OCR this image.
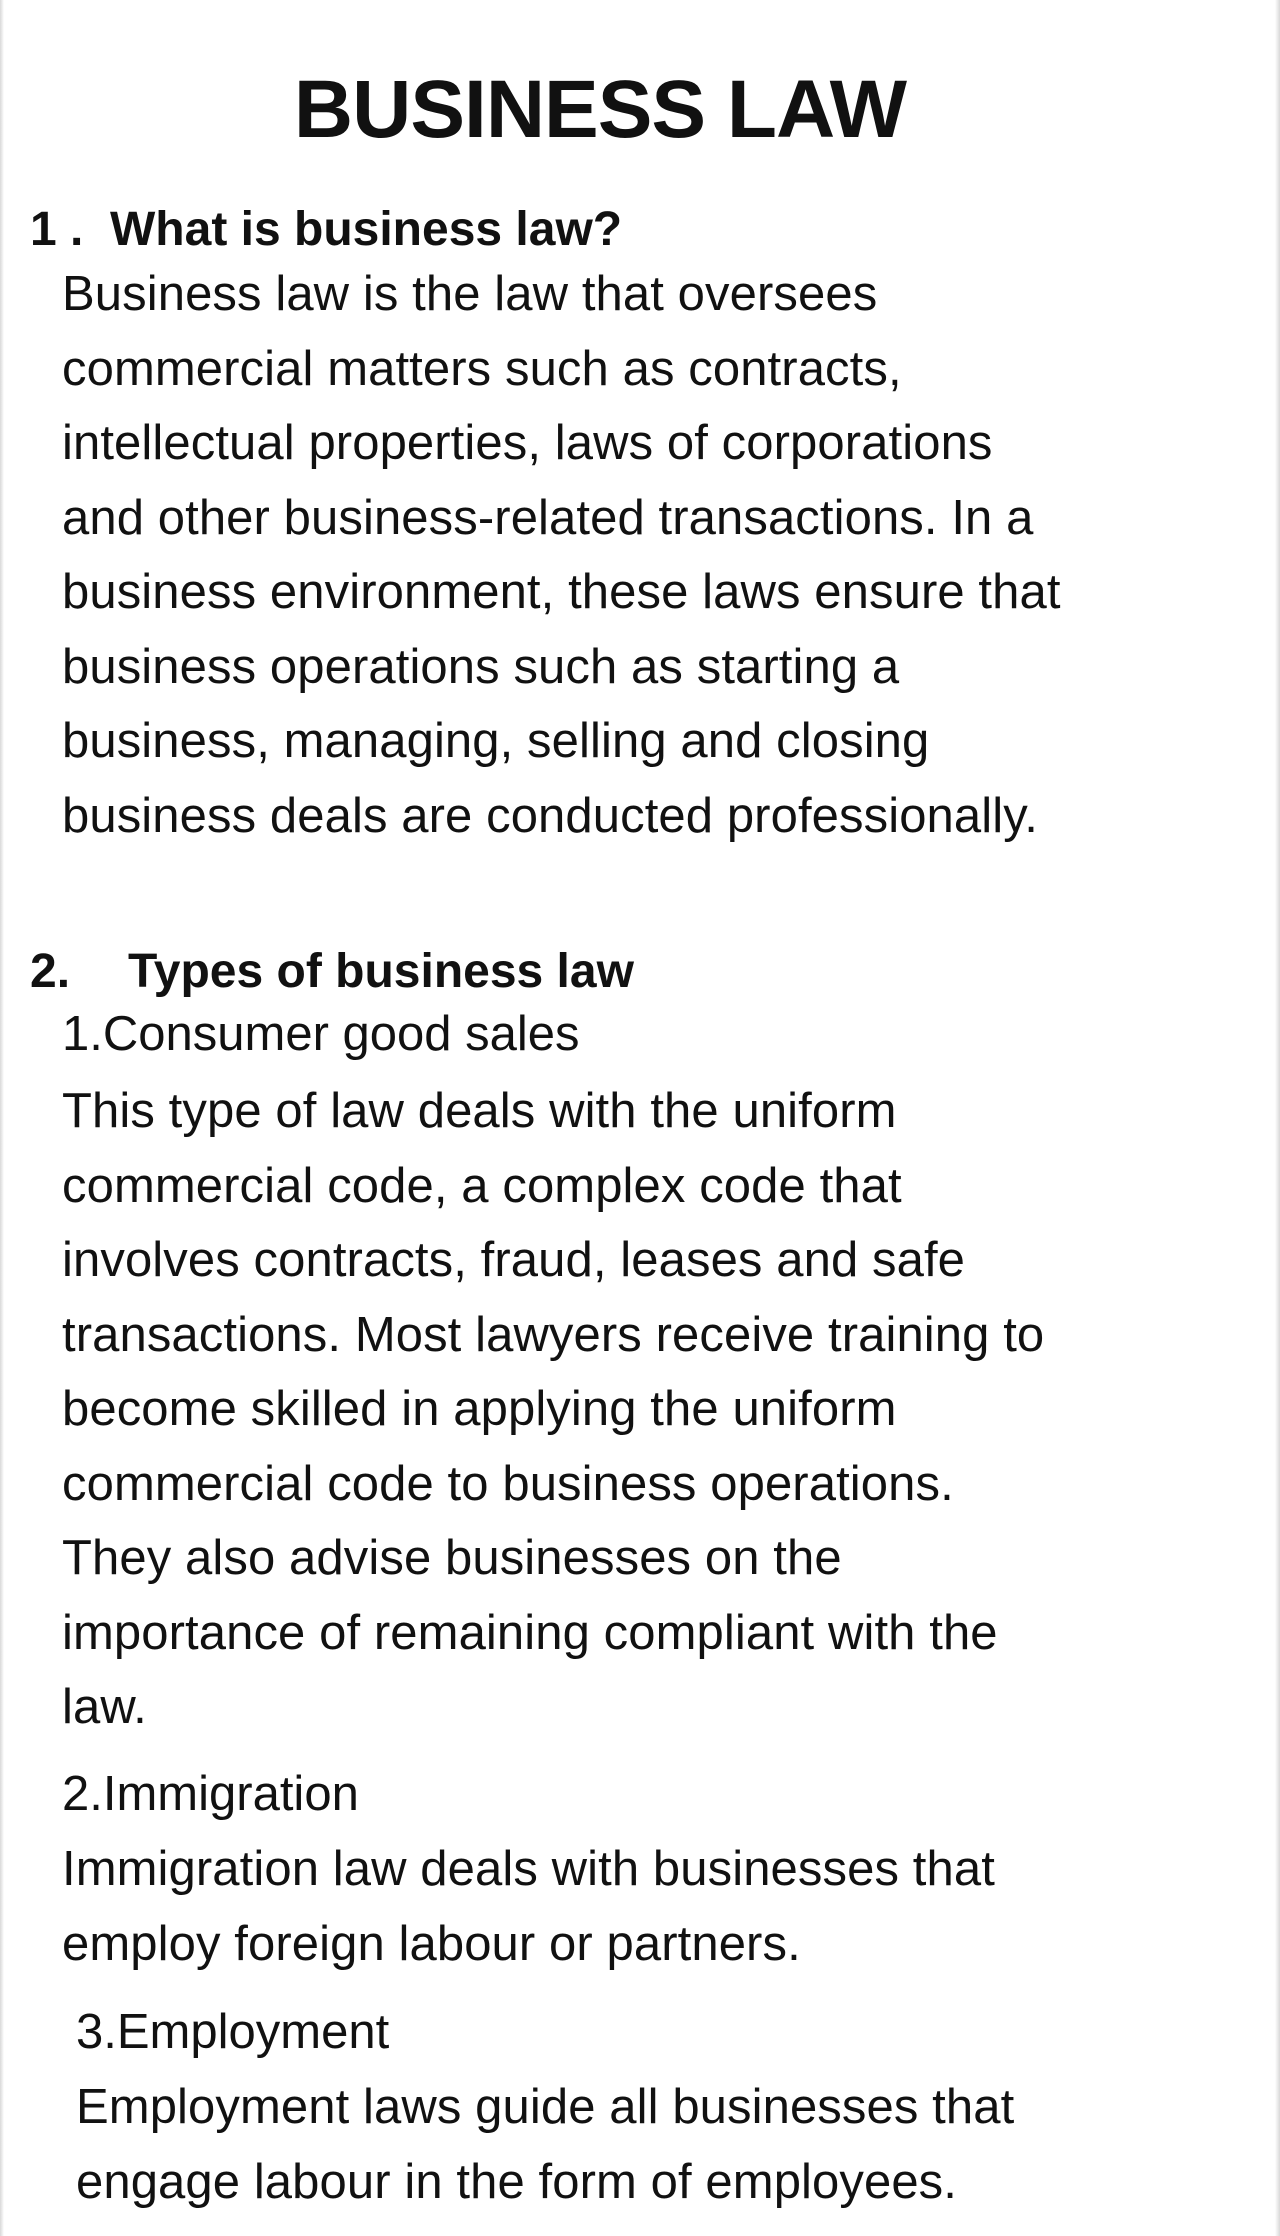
BUSINESS LAW
1 . What is business law?
Business law is the law that oversees
commercial matters such as contracts,
intellectual properties, laws of corporations
and other business-related transactions. In a
business environment, these laws ensure that
business operations such as starting a
business, managing, selling and closing
business deals are conducted professionally.
2. Types of business law
1.Consumer good sales
This type of law deals with the uniform
commercial code, a complex code that
involves contracts, fraud, leases and safe
transactions. Most lawyers receive training to
become skilled in applying the uniform
commercial code to business operations.
They also advise businesses on the
importance of remaining compliant with the
law.
2.Immigration
Immigration law deals with businesses that
employ foreign labour or partners.
3.Employment
Employment laws guide all businesses that
engage labour in the form of employees.
